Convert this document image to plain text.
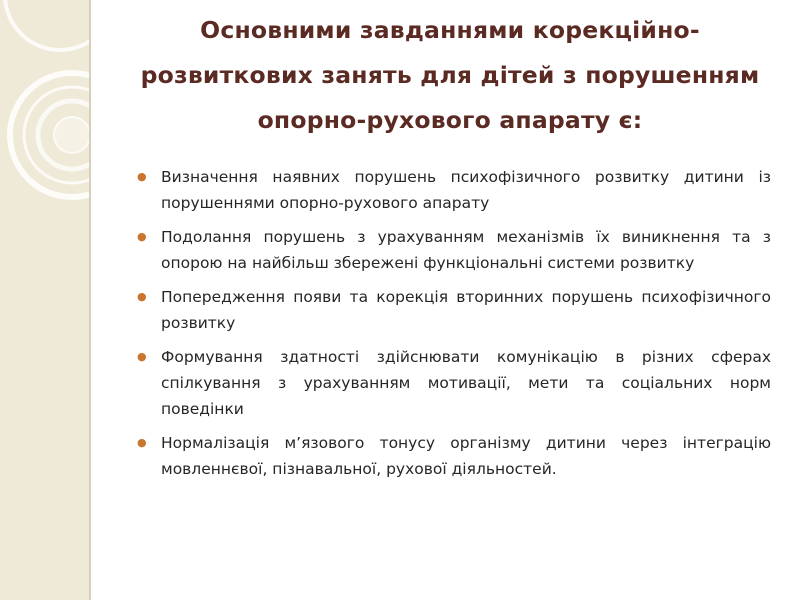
Основними завданнями корекційно-розвиткових занять для дітей з порушенням опорно-рухового апарату є:
● Визначення наявних порушень психофізичного розвитку дитини із порушеннями опорно-рухового апарату
● Подолання порушень з урахуванням механізмів їх виникнення та з опорою на найбільш збережені функціональні системи розвитку
● Попередження появи та корекція вторинних порушень психофізичного розвитку
● Формування здатності здійснювати комунікацію в різних сферах спілкування з урахуванням мотивації, мети та соціальних норм поведінки
● Нормалізація м’язового тонусу організму дитини через інтеграцію мовленнєвої, пізнавальної, рухової діяльностей.
